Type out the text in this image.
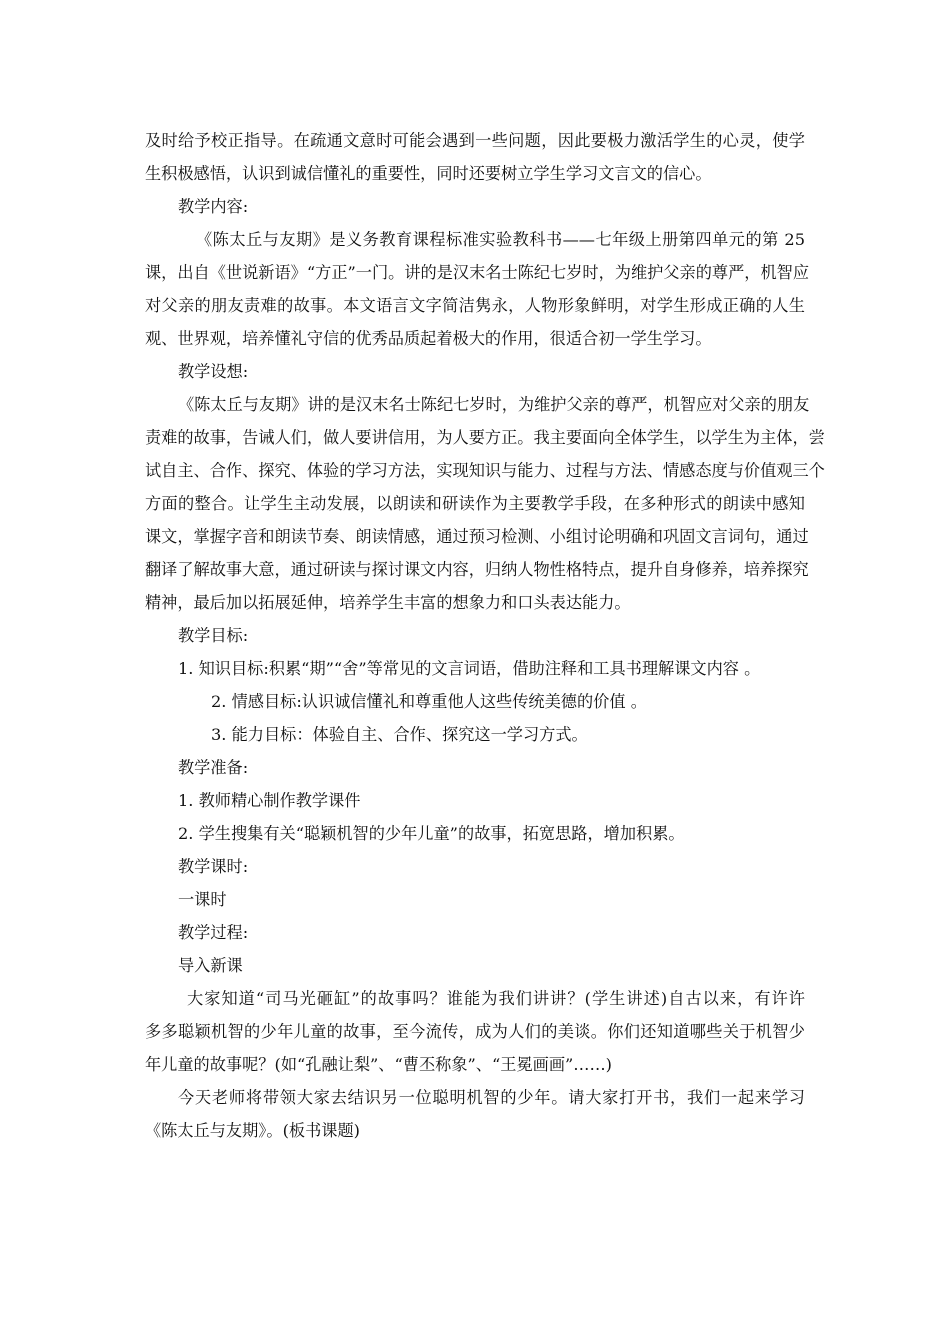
及时给予校正指导。在疏通文意时可能会遇到一些问题，因此要极力激活学生的心灵，使学
生积极感悟，认识到诚信懂礼的重要性，同时还要树立学生学习文言文的信心。
教学内容:
《陈太丘与友期》是义务教育课程标准实验教科书——七年级上册第四单元的第 25
课，出自《世说新语》“方正”一门。讲的是汉末名士陈纪七岁时，为维护父亲的尊严，机智应
对父亲的朋友责难的故事。本文语言文字简洁隽永，人物形象鲜明，对学生形成正确的人生
观、世界观，培养懂礼守信的优秀品质起着极大的作用，很适合初一学生学习。
教学设想:
《陈太丘与友期》讲的是汉末名士陈纪七岁时，为维护父亲的尊严，机智应对父亲的朋友
责难的故事，告诫人们，做人要讲信用，为人要方正。我主要面向全体学生，以学生为主体，尝
试自主、合作、探究、体验的学习方法，实现知识与能力、过程与方法、情感态度与价值观三个
方面的整合。让学生主动发展，以朗读和研读作为主要教学手段，在多种形式的朗读中感知
课文，掌握字音和朗读节奏、朗读情感，通过预习检测、小组讨论明确和巩固文言词句，通过
翻译了解故事大意，通过研读与探讨课文内容，归纳人物性格特点，提升自身修养，培养探究
精神，最后加以拓展延伸，培养学生丰富的想象力和口头表达能力。
教学目标:
1. 知识目标:积累“期”“舍”等常见的文言词语，借助注释和工具书理解课文内容 。
2. 情感目标:认识诚信懂礼和尊重他人这些传统美德的价值 。
3. 能力目标：体验自主、合作、探究这一学习方式。
教学准备:
1. 教师精心制作教学课件
2. 学生搜集有关“聪颖机智的少年儿童”的故事，拓宽思路，增加积累。
教学课时:
一课时
教学过程:
导入新课
大家知道“司马光砸缸”的故事吗？谁能为我们讲讲？(学生讲述)自古以来，有许许
多多聪颖机智的少年儿童的故事，至今流传，成为人们的美谈。你们还知道哪些关于机智少
年儿童的故事呢？(如“孔融让梨”、“曹丕称象”、“王冕画画”……)
今天老师将带领大家去结识另一位聪明机智的少年。请大家打开书，我们一起来学习
《陈太丘与友期》。(板书课题)
